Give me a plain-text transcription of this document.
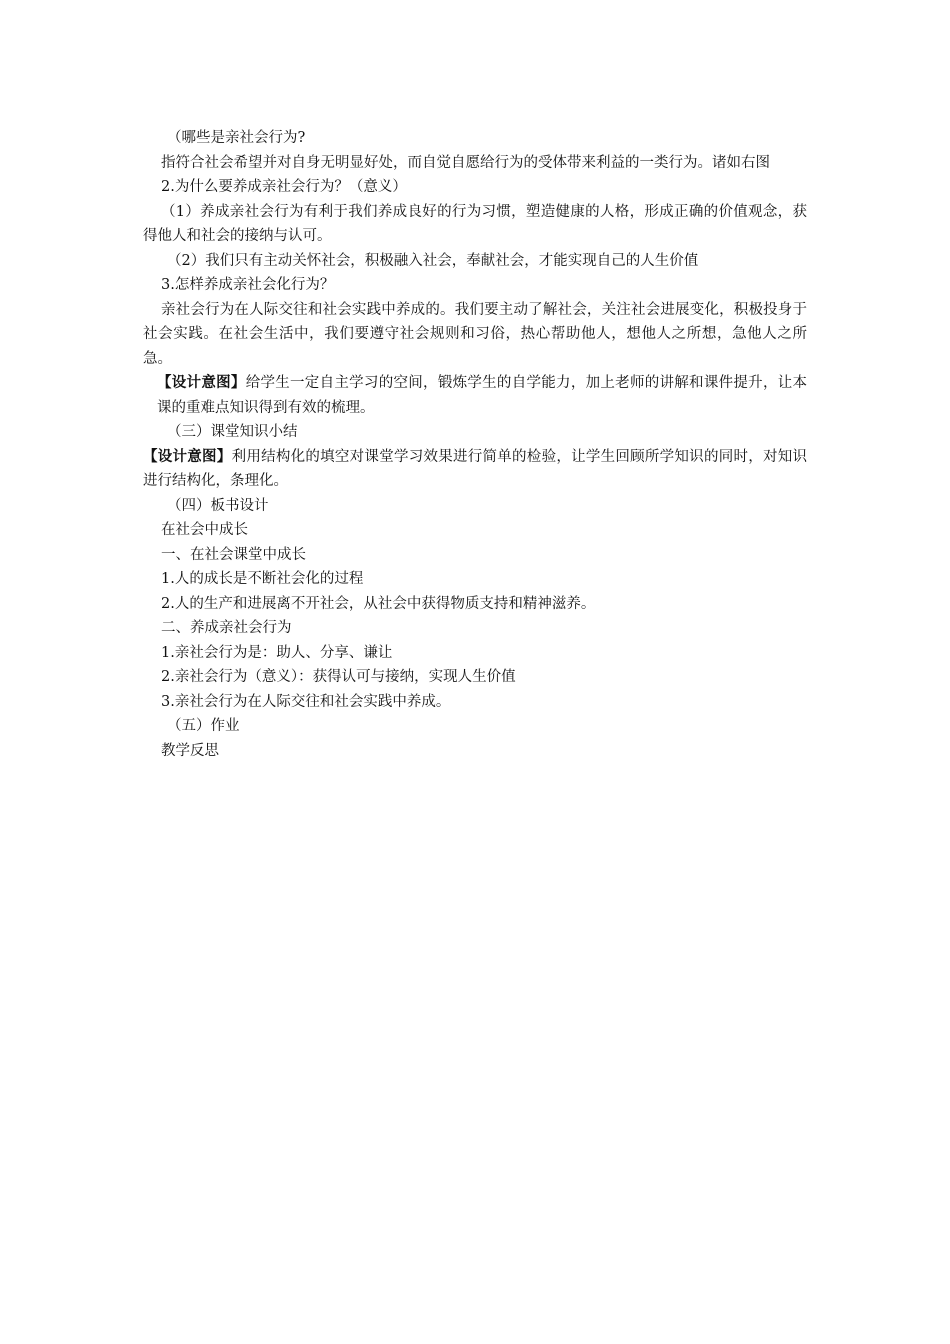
（哪些是亲社会行为?

指符合社会希望并对自身无明显好处，而自觉自愿给行为的受体带来利益的一类行为。诸如右图

2.为什么要养成亲社会行为？（意义）

（1）养成亲社会行为有利于我们养成良好的行为习惯，塑造健康的人格，形成正确的价值观念，获得他人和社会的接纳与认可。

（2）我们只有主动关怀社会，积极融入社会，奉献社会，才能实现自己的人生价值

3.怎样养成亲社会化行为？

亲社会行为在人际交往和社会实践中养成的。我们要主动了解社会，关注社会进展变化，积极投身于社会实践。在社会生活中，我们要遵守社会规则和习俗，热心帮助他人，想他人之所想，急他人之所急。

【设计意图】给学生一定自主学习的空间，锻炼学生的自学能力，加上老师的讲解和课件提升，让本课的重难点知识得到有效的梳理。

（三）课堂知识小结

【设计意图】利用结构化的填空对课堂学习效果进行简单的检验，让学生回顾所学知识的同时，对知识进行结构化，条理化。

（四）板书设计

在社会中成长

一、在社会课堂中成长

1.人的成长是不断社会化的过程

2.人的生产和进展离不开社会，从社会中获得物质支持和精神滋养。

二、养成亲社会行为

1.亲社会行为是：助人、分享、谦让

2.亲社会行为（意义）：获得认可与接纳，实现人生价值

3.亲社会行为在人际交往和社会实践中养成。

（五）作业

教学反思
